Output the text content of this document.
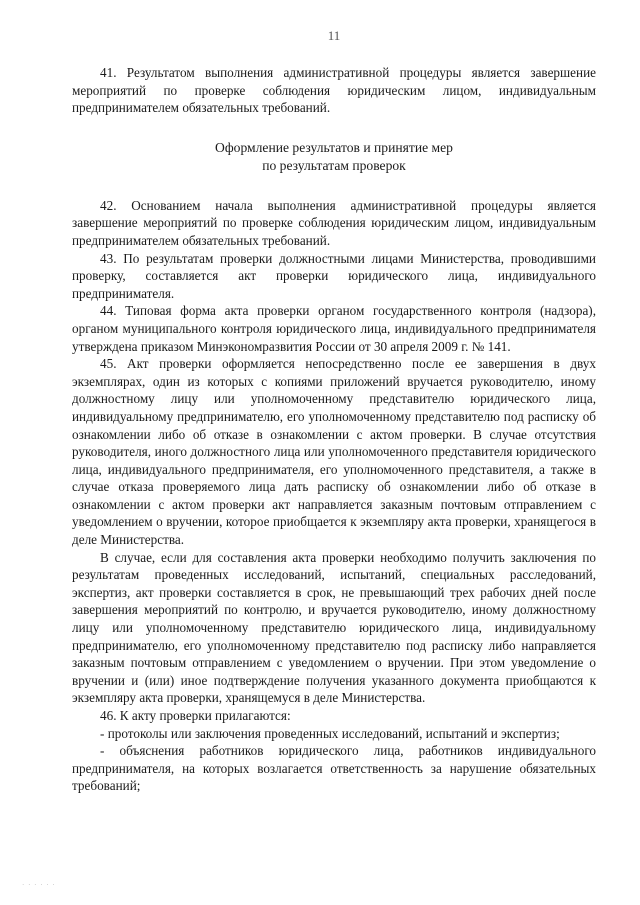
11

41. Результатом выполнения административной процедуры является завершение мероприятий по проверке соблюдения юридическим лицом, индивидуальным предпринимателем обязательных требований.

Оформление результатов и принятие мер
по результатам проверок

42. Основанием начала выполнения административной процедуры является завершение мероприятий по проверке соблюдения юридическим лицом, индивидуальным предпринимателем обязательных требований.

43. По результатам проверки должностными лицами Министерства, проводившими проверку, составляется акт проверки юридического лица, индивидуального предпринимателя.

44. Типовая форма акта проверки органом государственного контроля (надзора), органом муниципального контроля юридического лица, индивидуального предпринимателя утверждена приказом Минэкономразвития России от 30 апреля 2009 г. № 141.

45. Акт проверки оформляется непосредственно после ее завершения в двух экземплярах, один из которых с копиями приложений вручается руководителю, иному должностному лицу или уполномоченному представителю юридического лица, индивидуальному предпринимателю, его уполномоченному представителю под расписку об ознакомлении либо об отказе в ознакомлении с актом проверки. В случае отсутствия руководителя, иного должностного лица или уполномоченного представителя юридического лица, индивидуального предпринимателя, его уполномоченного представителя, а также в случае отказа проверяемого лица дать расписку об ознакомлении либо об отказе в ознакомлении с актом проверки акт направляется заказным почтовым отправлением с уведомлением о вручении, которое приобщается к экземпляру акта проверки, хранящегося в деле Министерства.

В случае, если для составления акта проверки необходимо получить заключения по результатам проведенных исследований, испытаний, специальных расследований, экспертиз, акт проверки составляется в срок, не превышающий трех рабочих дней после завершения мероприятий по контролю, и вручается руководителю, иному должностному лицу или уполномоченному представителю юридического лица, индивидуальному предпринимателю, его уполномоченному представителю под расписку либо направляется заказным почтовым отправлением с уведомлением о вручении. При этом уведомление о вручении и (или) иное подтверждение получения указанного документа приобщаются к экземпляру акта проверки, хранящемуся в деле Министерства.

46. К акту проверки прилагаются:

- протоколы или заключения проведенных исследований, испытаний и экспертиз;

- объяснения работников юридического лица, работников индивидуального предпринимателя, на которых возлагается ответственность за нарушение обязательных требований;

· · · · · ·
